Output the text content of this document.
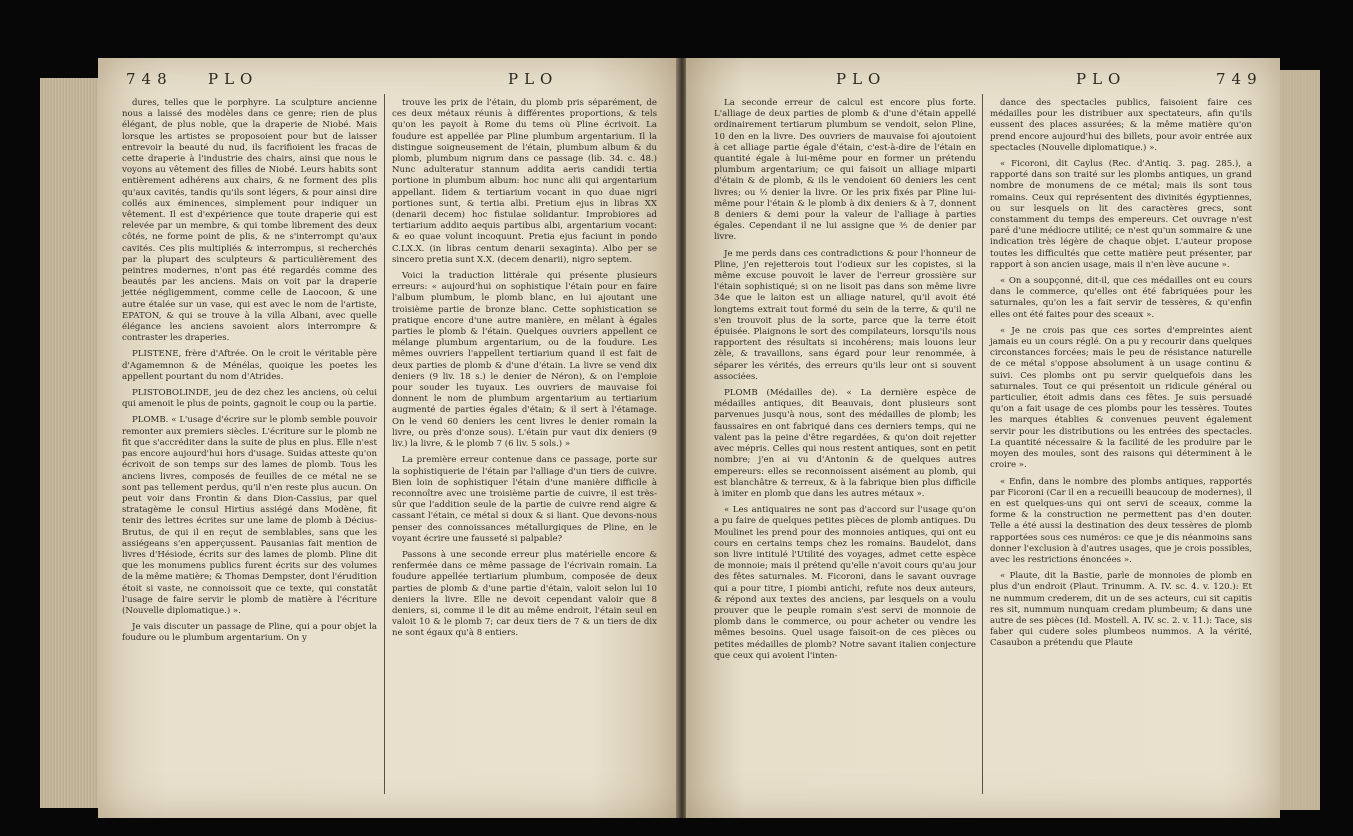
748 PLO	PLO

dures, telles que le porphyre. La sculpture ancienne nous a laissé des modèles dans ce genre; rien de plus élégant, de plus noble, que la draperie de Niobé. Mais lorsque les artistes se proposoient pour but de laisser entrevoir la beauté du nud, ils facrifioient les fracas de cette draperie à l'industrie des chairs, ainsi que nous le voyons au vêtement des filles de Niobé. Leurs habits sont entièrement adhérens aux chairs, & ne forment des plis qu'aux cavités, tandis qu'ils sont légers, & pour ainsi dire collés aux éminences, simplement pour indiquer un vêtement. Il est d'expérience que toute draperie qui est relevée par un membre, & qui tombe librement des deux côtés, ne forme point de plis, & ne s'interrompt qu'aux cavités. Ces plis multipliés & interrompus, si recherchés par la plupart des sculpteurs & particulièrement des peintres modernes, n'ont pas été regardés comme des beautés par les anciens. Mais on voit par la draperie jettée négligemment, comme celle de Laocoon, & une autre étalée sur un vase, qui est avec le nom de l'artiste, EPATON, & qui se trouve à la villa Albani, avec quelle élégance les anciens savoient alors interrompre & contraster les draperies.

PLISTENE, frère d'Aftrée. On le croit le véritable père d'Agamemnon & de Ménélas, quoique les poetes les appellent pourtant du nom d'Atrides.

PLISTOBOLINDE, jeu de dez chez les anciens, où celui qui amenoit le plus de points, gagnoit le coup ou la partie.

PLOMB. « L'usage d'écrire sur le plomb semble pouvoir remonter aux premiers siècles. L'écriture sur le plomb ne fit que s'accréditer dans la suite de plus en plus. Elle n'est pas encore aujourd'hui hors d'usage. Suidas atteste qu'on écrivoit de son temps sur des lames de plomb. Tous les anciens livres, composés de feuilles de ce métal ne se sont pas tellement perdus, qu'il n'en reste plus aucun. On peut voir dans Frontin & dans Dion-Cassius, par quel stratagème le consul Hirtius assiégé dans Modène, fit tenir des lettres écrites sur une lame de plomb à Décius-Brutus, de qui il en reçut de semblables, sans que les assiégeans s'en apperçussent. Pausanias fait mention de livres d'Hésiode, écrits sur des lames de plomb. Pline dit que les monumens publics furent écrits sur des volumes de la même matière; & Thomas Dempster, dont l'érudition étoit si vaste, ne connoissoit que ce texte, qui constatât l'usage de faire servir le plomb de matière à l'écriture (Nouvelle diplomatique.) ».

Je vais discuter un passage de Pline, qui a pour objet la foudure ou le plumbum argentarium. On y

trouve les prix de l'étain, du plomb pris séparément, de ces deux métaux réunis à différentes proportions, & tels qu'on les payoit à Rome du tems où Pline écrivoit. La foudure est appellée par Pline plumbum argentarium. Il la distingue soigneusement de l'étain, plumbum album & du plomb, plumbum nigrum dans ce passage (lib. 34. c. 48.) Nunc adulteratur stannum addita aeris candidi tertia portione in plumbum album: hoc nunc alii qui argentarium appellant. Iidem & tertiarium vocant in quo duae nigri portiones sunt, & tertia albi. Pretium ejus in libras XX (denarii decem) hoc fistulae solidantur. Improbiores ad tertiarium addito aequis partibus albi, argentarium vocant: & eo quae volunt incoquunt. Pretia ejus faciunt in pondo C.LX.X. (in libras centum denarii sexaginta). Albo per se sincero pretia sunt X.X. (decem denarii), nigro septem.

Voici la traduction littérale qui présente plusieurs erreurs: « aujourd'hui on sophistique l'étain pour en faire l'album plumbum, le plomb blanc, en lui ajoutant une troisième partie de bronze blanc. Cette sophistication se pratique encore d'une autre manière, en mêlant à égales parties le plomb & l'étain. Quelques ouvriers appellent ce mélange plumbum argentarium, ou de la foudure. Les mêmes ouvriers l'appellent tertiarium quand il est fait de deux parties de plomb & d'une d'étain. La livre se vend dix deniers (9 liv. 18 s.) le denier de Néron), & on l'emploie pour souder les tuyaux. Les ouvriers de mauvaise foi donnent le nom de plumbum argentarium au tertiarium augmenté de parties égales d'étain; & il sert à l'étamage. On le vend 60 deniers les cent livres le denier romain la livre, ou près d'onze sous). L'étain pur vaut dix deniers (9 liv.) la livre, & le plomb 7 (6 liv. 5 sols.) »

La première erreur contenue dans ce passage, porte sur la sophistiquerie de l'étain par l'alliage d'un tiers de cuivre. Bien loin de sophistiquer l'étain d'une manière difficile à reconnoître avec une troisième partie de cuivre, il est très-sûr que l'addition seule de la partie de cuivre rend aigre & cassant l'étain, ce métal si doux & si liant. Que devons-nous penser des connoissances métallurgiques de Pline, en le voyant écrire une fausseté si palpable?

Passons à une seconde erreur plus matérielle encore & renfermée dans ce même passage de l'écrivain romain. La foudure appellée tertiarium plumbum, composée de deux parties de plomb & d'une partie d'étain, valoit selon lui 10 deniers la livre. Elle ne devoit cependant valoir que 8 deniers, si, comme il le dit au même endroit, l'étain seul en valoit 10 & le plomb 7; car deux tiers de 7 & un tiers de dix ne sont égaux qu'à 8 entiers.

PLO	PLO	749

La seconde erreur de calcul est encore plus forte. L'alliage de deux parties de plomb & d'une d'étain appellé ordinairement tertiarum plumbum se vendoit, selon Pline, 10 den en la livre. Des ouvriers de mauvaise foi ajoutoient à cet alliage partie égale d'étain, c'est-à-dire de l'étain en quantité égale à lui-même pour en former un prétendu plumbum argentarium; ce qui faisoit un alliage miparti d'étain & de plomb, & ils le vendoient 60 deniers les cent livres; ou ½ denier la livre. Or les prix fixés par Pline lui-même pour l'étain & le plomb à dix deniers & à 7, donnent 8 deniers & demi pour la valeur de l'alliage à parties égales. Cependant il ne lui assigne que ⅗ de denier par livre.

Je me perds dans ces contradictions & pour l'honneur de Pline, j'en rejetterois tout l'odieux sur les copistes, si la même excuse pouvoit le laver de l'erreur grossière sur l'étain sophistiqué; si on ne lisoit pas dans son même livre 34e que le laiton est un alliage naturel, qu'il avoit été longtems extrait tout formé du sein de la terre, & qu'il ne s'en trouvoit plus de la sorte, parce que la terre étoit épuisée. Plaignons le sort des compilateurs, lorsqu'ils nous rapportent des résultats si incohérens; mais louons leur zèle, & travaillons, sans égard pour leur renommée, à séparer les vérités, des erreurs qu'ils leur ont si souvent associées.

PLOMB (Médailles de). « La dernière espèce de médailles antiques, dit Beauvais, dont plusieurs sont parvenues jusqu'à nous, sont des médailles de plomb; les faussaires en ont fabriqué dans ces derniers temps, qui ne valent pas la peine d'être regardées, & qu'on doit rejetter avec mépris. Celles qui nous restent antiques, sont en petit nombre; j'en ai vu d'Antonin & de quelques autres empereurs: elles se reconnoissent aisément au plomb, qui est blanchâtre & terreux, & à la fabrique bien plus difficile à imiter en plomb que dans les autres métaux ».

« Les antiquaires ne sont pas d'accord sur l'usage qu'on a pu faire de quelques petites pièces de plomb antiques. Du Moulinet les prend pour des monnoies antiques, qui ont eu cours en certains temps chez les romains. Baudelot, dans son livre intitulé l'Utilité des voyages, admet cette espèce de monnoie; mais il prétend qu'elle n'avoit cours qu'au jour des fêtes saturnales. M. Ficoroni, dans le savant ouvrage qui a pour titre, I piombi antichi, refute nos deux auteurs, & répond aux textes des anciens, par lesquels on a voulu prouver que le peuple romain s'est servi de monnoie de plomb dans le commerce, ou pour acheter ou vendre les mêmes besoins. Quel usage faisoit-on de ces pièces ou petites médailles de plomb? Notre savant italien conjecture que ceux qui avoient l'inten-

dance des spectacles publics, faisoient faire ces médailles pour les distribuer aux spectateurs, afin qu'ils eussent des places assurées; & la même matière qu'on prend encore aujourd'hui des billets, pour avoir entrée aux spectacles (Nouvelle diplomatique.) ».

« Ficoroni, dit Caylus (Rec. d'Antiq. 3. pag. 285.), a rapporté dans son traité sur les plombs antiques, un grand nombre de monumens de ce métal; mais ils sont tous romains. Ceux qui représentent des divinités égyptiennes, ou sur lesquels on lit des caractères grecs, sont constamment du temps des empereurs. Cet ouvrage n'est paré d'une médiocre utilité; ce n'est qu'un sommaire & une indication très légère de chaque objet. L'auteur propose toutes les difficultés que cette matière peut présenter, par rapport à son ancien usage, mais il n'en lève aucune ».

« On a soupçonné, dit-il, que ces médailles ont eu cours dans le commerce, qu'elles ont été fabriquées pour les saturnales, qu'on les a fait servir de tessères, & qu'enfin elles ont été faites pour des sceaux ».

« Je ne crois pas que ces sortes d'empreintes aient jamais eu un cours réglé. On a pu y recourir dans quelques circonstances forcées; mais le peu de résistance naturelle de ce métal s'oppose absolument à un usage continu & suivi. Ces plombs ont pu servir quelquefois dans les saturnales. Tout ce qui présentoit un ridicule général ou particulier, étoit admis dans ces fêtes. Je suis persuadé qu'on a fait usage de ces plombs pour les tessères. Toutes les marques établies & convenues peuvent également servir pour les distributions ou les entrées des spectacles. La quantité nécessaire & la facilité de les produire par le moyen des moules, sont des raisons qui déterminent à le croire ».

« Enfin, dans le nombre des plombs antiques, rapportés par Ficoroni (Car il en a recueilli beaucoup de modernes), il en est quelques-uns qui ont servi de sceaux, comme la forme & la construction ne permettent pas d'en douter. Telle a été aussi la destination des deux tessères de plomb rapportées sous ces numéros: ce que je dis néanmoins sans donner l'exclusion à d'autres usages, que je crois possibles, avec les restrictions énoncées ».

« Plaute, dit la Bastie, parle de monnoies de plomb en plus d'un endroit (Plaut. Trinumm. A. IV. sc. 4. v. 120.): Et ne nummum crederem, dit un de ses acteurs, cui sit capitis res sit, nummum nunquam credam plumbeum; & dans une autre de ses pièces (Id. Mostell. A. IV. sc. 2. v. 11.): Tace, sis faber qui cudere soles plumbeos nummos. A la vérité, Casaubon a prétendu que Plaute
